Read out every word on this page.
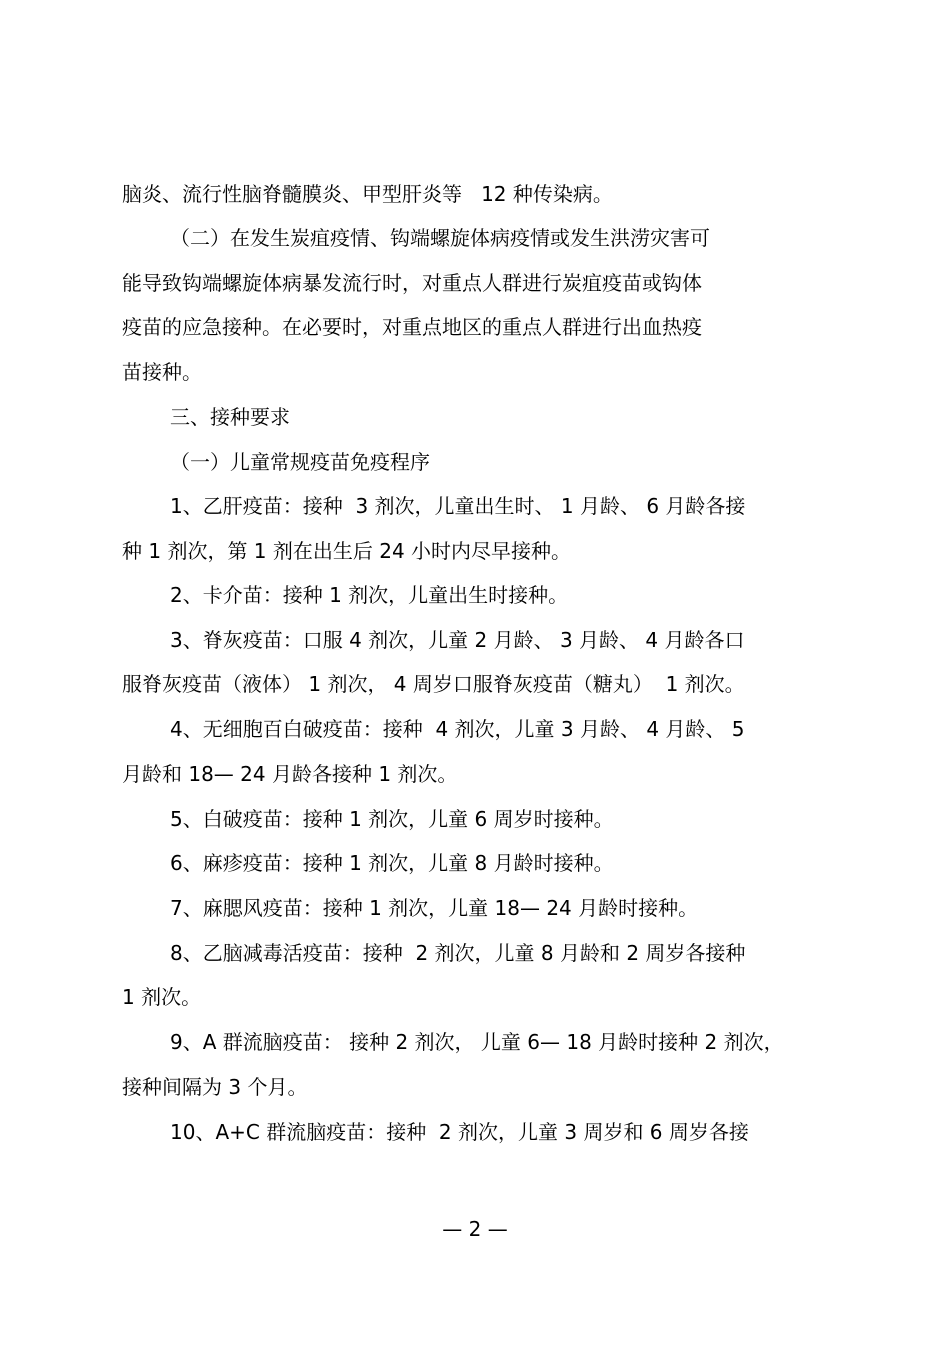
脑炎、流行性脑脊髓膜炎、甲型肝炎等   12 种传染病。

（二）在发生炭疽疫情、钩端螺旋体病疫情或发生洪涝灾害可

能导致钩端螺旋体病暴发流行时，对重点人群进行炭疽疫苗或钩体

疫苗的应急接种。在必要时，对重点地区的重点人群进行出血热疫

苗接种。

三、接种要求

（一）儿童常规疫苗免疫程序

1、乙肝疫苗：接种  3 剂次，儿童出生时、 1 月龄、 6 月龄各接

种 1 剂次，第 1 剂在出生后 24 小时内尽早接种。

2、卡介苗：接种 1 剂次，儿童出生时接种。

3、脊灰疫苗：口服 4 剂次，儿童 2 月龄、 3 月龄、 4 月龄各口

服脊灰疫苗（液体） 1 剂次， 4 周岁口服脊灰疫苗（糖丸）  1 剂次。

4、无细胞百白破疫苗：接种  4 剂次，儿童 3 月龄、 4 月龄、 5

月龄和 18— 24 月龄各接种 1 剂次。

5、白破疫苗：接种 1 剂次，儿童 6 周岁时接种。

6、麻疹疫苗：接种 1 剂次，儿童 8 月龄时接种。

7、麻腮风疫苗：接种 1 剂次，儿童 18— 24 月龄时接种。

8、乙脑减毒活疫苗：接种  2 剂次，儿童 8 月龄和 2 周岁各接种

1 剂次。

9、A 群流脑疫苗： 接种 2 剂次， 儿童 6— 18 月龄时接种 2 剂次，

接种间隔为 3 个月。

10、A+C 群流脑疫苗：接种  2 剂次，儿童 3 周岁和 6 周岁各接

— 2 —
